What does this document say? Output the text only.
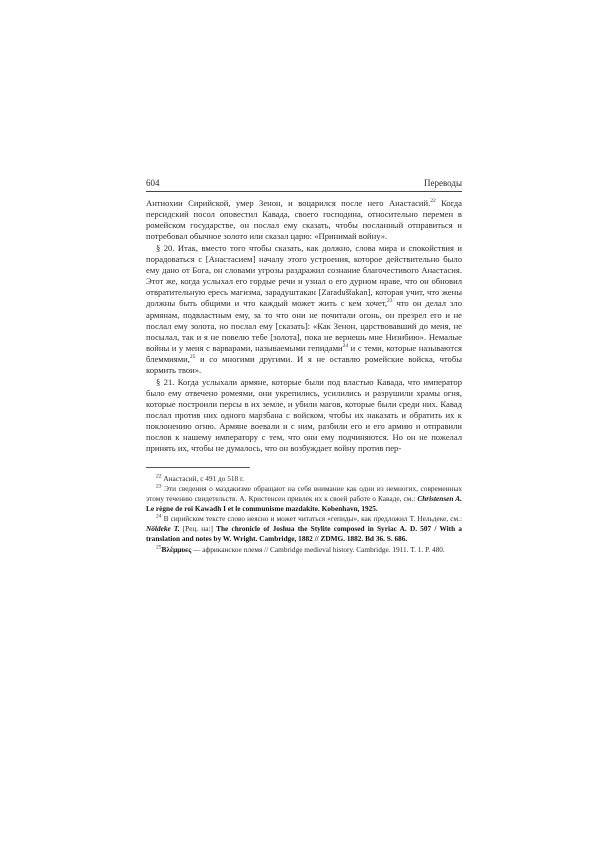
604	Переводы

Антиохии Сирийской, умер Зенон, и воцарился после него Анастасий.$^{22}$ Когда персидский посол оповестил Кавада, своего господина, относительно перемен в ромейском государстве, он послал ему сказать, чтобы посланный отправиться и потребовал обычное золото или сказал царю: «Принимай войну».

§ 20. Итак, вместо того чтобы сказать, как должно, слова мира и спокойствия и порадоваться с [Анастасием] началу этого устроения, которое действительно было ему дано от Бога, он словами угрозы раздражил сознание благочестивого Анастасия. Этот же, когда услыхал его гордые речи и узнал о его дурном нраве, что он обновил отвратительную ересь магизма, зарадуштакан [Zaradušt̄akan], которая учит, что жены должны быть общими и что каждый может жить с кем хочет,$^{23}$ что он делал зло армянам, подвластным ему, за то что они не почитали огонь, он презрел его и не послал ему золота, но послал ему [сказать]: «Как Зенон, царствовавший до меня, не посылал, так и я не повелю тебе [золота], пока не вернешь мне Низибию». Немалые войны и у меня с варварами, называемыми гепидами$^{24}$ и с теми, которые называются блеммиями,$^{25}$ и со многими другими. И я не оставлю ромейские войска, чтобы кормить твои».

§ 21. Когда услыхали армяне, которые были под властью Кавада, что император было ему отвечено ромеями, они укрепились, усилились и разрушили храмы огня, которые построили персы в их земле, и убили магов, которые были среди них. Кавад послал против них одного марзбана с войском, чтобы их наказать и обратить их к поклонению огню. Армяне воевали и с ним, разбили его и его армию и отправили послов к нашему императору с тем, что они ему подчиняются. Но он не пожелал принять их, чтобы не думалось, что он возбуждает войну против пер-

$^{22}$ Анастасий, с 491 до 518 г.

$^{23}$ Эти сведения о маздакизме обращают на себя внимание как одни из немногих, современных этому течению свидетельств. А. Кристенсен привлек их к своей работе о Каваде, см.: Christensen A. Le règne de roi Kawadh I et le communisme mazdakite. Kobenhavn, 1925.

$^{24}$ В сирийском тексте слово неясно и может читаться «гепиды», как предложил Т. Нельдеке, см.: Nöldeke T. [Рец. на:] The chronicle of Joshua the Stylite composed in Syriac A. D. 507 / With a translation and notes by W. Wright. Cambridge, 1882 // ZDMG. 1882. Bd 36. S. 686.

$^{25}$Βλέμμυες — африканское племя // Cambridge medieval history. Cambridge. 1911. T. 1. P. 480.
